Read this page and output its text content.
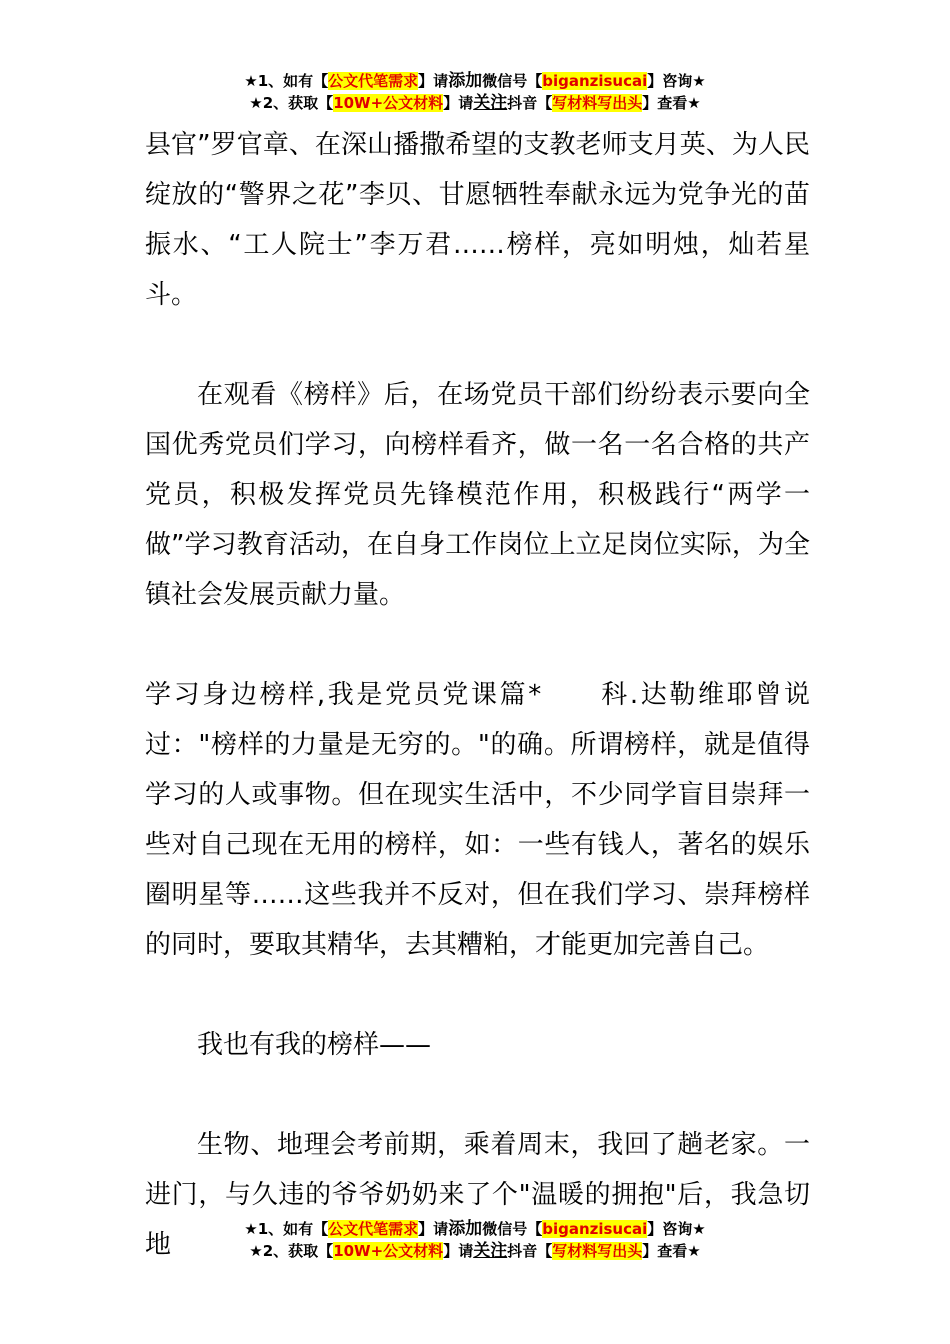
★1、如有【公文代笔需求】请添加微信号【biganzisucai】咨询★
★2、获取【10W+公文材料】请关注抖音【写材料写出头】查看★

县官”罗官章、在深山播撒希望的支教老师支月英、为人民绽放的“警界之花”李贝、甘愿牺牲奉献永远为党争光的苗振水、“工人院士”李万君……榜样，亮如明烛，灿若星斗。

在观看《榜样》后，在场党员干部们纷纷表示要向全国优秀党员们学习，向榜样看齐，做一名一名合格的共产党员，积极发挥党员先锋模范作用，积极践行“两学一做”学习教育活动，在自身工作岗位上立足岗位实际，为全镇社会发展贡献力量。

学习身边榜样,我是党员党课篇*　　科.达勒维耶曾说过："榜样的力量是无穷的。"的确。所谓榜样，就是值得学习的人或事物。但在现实生活中，不少同学盲目崇拜一些对自己现在无用的榜样，如：一些有钱人，著名的娱乐圈明星等……这些我并不反对，但在我们学习、崇拜榜样的同时，要取其精华，去其糟粕，才能更加完善自己。

我也有我的榜样——

生物、地理会考前期，乘着周末，我回了趟老家。一进门，与久违的爷爷奶奶来了个"温暖的拥抱"后，我急切地

★1、如有【公文代笔需求】请添加微信号【biganzisucai】咨询★
★2、获取【10W+公文材料】请关注抖音【写材料写出头】查看★
